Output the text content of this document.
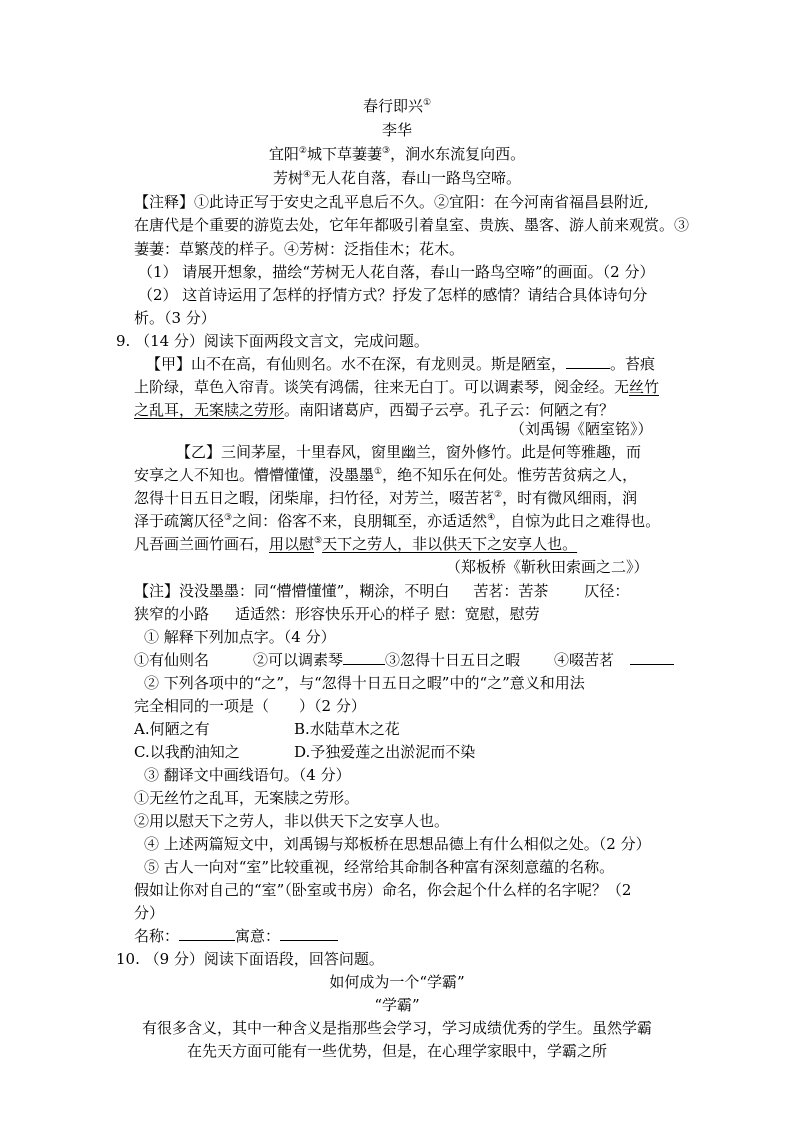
春行即兴①
李华
宜阳②城下草萋萋③，涧水东流复向西。
芳树④无人花自落，春山一路鸟空啼。
【注释】①此诗正写于安史之乱平息后不久。②宜阳：在今河南省福昌县附近,
在唐代是个重要的游览去处，它年年都吸引着皇室、贵族、墨客、游人前来观赏。③
萋萋：草繁茂的样子。④芳树：泛指佳木；花木。
（1） 请展开想象，描绘“芳树无人花自落，春山一路鸟空啼”的画面。（2 分）
（2） 这首诗运用了怎样的抒情方式？抒发了怎样的感情？请结合具体诗句分
析。（3 分）
9. （14 分）阅读下面两段文言文，完成问题。
【甲】山不在高，有仙则名。水不在深，有龙则灵。斯是陋室，	。苔痕
上阶绿，草色入帘青。谈笑有鸿儒，往来无白丁。可以调素琴，阅金经。无丝竹
之乱耳，无案牍之劳形。南阳诸葛庐，西蜀子云亭。孔子云：何陋之有？
（刘禹锡《陋室铭》）
【乙】三间茅屋，十里春风，窗里幽兰，窗外修竹。此是何等雅趣，而
安享之人不知也。懵懵懂懂，没墨墨①，绝不知乐在何处。惟劳苦贫病之人，
忽得十日五日之暇，闭柴扉，扫竹径，对芳兰，啜苦茗②，时有微风细雨，润
泽于疏篱仄径③之间：俗客不来，良朋辄至，亦适适然④，自惊为此日之难得也。
凡吾画兰画竹画石，用以慰⑤天下之劳人，非以供天下之安享人也。
（郑板桥《靳秋田索画之二》）
【注】没没墨墨：同“懵懵懂懂”，糊涂，不明白 苦茗：苦茶 仄径：
狭窄的小路 适适然：形容快乐开心的样子 慰：宽慰，慰劳
① 解释下列加点字。（4 分）
①有仙则名	②可以调素琴	③忽得十日五日之暇 ④啜苦茗
② 下列各项中的“之”，与“忽得十日五日之暇”中的“之”意义和用法
完全相同的一项是（　　）（2 分）
A.何陋之有	B.水陆草木之花
C.以我酌油知之	D.予独爱莲之出淤泥而不染
③ 翻译文中画线语句。（4 分）
①无丝竹之乱耳，无案牍之劳形。
②用以慰天下之劳人，非以供天下之安享人也。
④ 上述两篇短文中，刘禹锡与郑板桥在思想品德上有什么相似之处。（2 分）
⑤ 古人一向对“室”比较重视，经常给其命制各种富有深刻意蕴的名称。
假如让你对自己的“室”（卧室或书房）命名，你会起个什么样的名字呢？（2
分）
名称：	寓意：
10. （9 分）阅读下面语段，回答问题。
如何成为一个“学霸”
“学霸”
有很多含义，其中一种含义是指那些会学习，学习成绩优秀的学生。虽然学霸
在先天方面可能有一些优势，但是，在心理学家眼中，学霸之所
